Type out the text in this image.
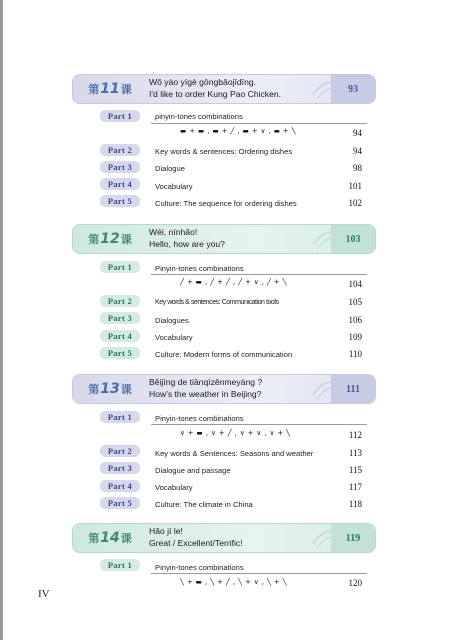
第 11 课
Wǒ yào yígè gōngbǎojīdīng.
I'd like to order Kung Pao Chicken.	93
Part 1	pinyin-tones combinations
▬ + ▬ , ▬ + ╱ , ▬ + ∨ , ▬ + ╲	94
Part 2	Key words & sentences: Ordering dishes	94
Part 3	Dialogue	98
Part 4	Vocabulary	101
Part 5	Culture: The sequence for ordering dishes	102
第 12 课
Wéi, nínhǎo!
Hello, how are you?	103
Part 1	Pinyin-tones combinations
╱ + ▬ , ╱ + ╱ , ╱ + ∨ , ╱ + ╲	104
Part 2	Key words & sentences: Communication tools	105
Part 3	Dialogues	106
Part 4	Vocabulary	109
Part 5	Culture: Modern forms of communication	110
第 13 课
Běijīng de tiānqìzěnmeyàng ?
How's the weather in Beijing?	111
Part 1	Pinyin-tones combinations
∨ + ▬ , ∨ + ╱ , ∨ + ∨ , ∨ + ╲	112
Part 2	Key words & Sentences: Seasons and weather	113
Part 3	Dialogue and passage	115
Part 4	Vocabulary	117
Part 5	Culture: The climate in China	118
第 14 课
Hǎo jí le!
Great / Excellent/Terrific!	119
Part 1	Pinyin-tones combinations
╲ + ▬ , ╲ + ╱ , ╲ + ∨ , ╲ + ╲	120
IV
